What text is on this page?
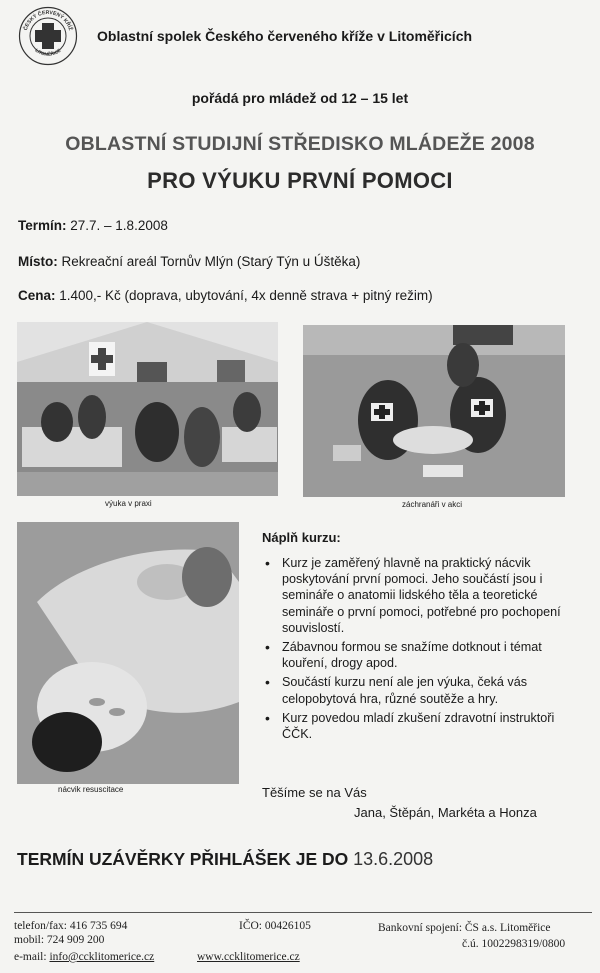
ČESKÝ ČERVENÝ KŘÍŽ
LITOMĚŘICE
Oblastní spolek Českého červeného kříže v Litoměřicích
pořádá pro mládež od 12 – 15 let
OBLASTNÍ STUDIJNÍ STŘEDISKO MLÁDEŽE 2008
PRO VÝUKU PRVNÍ POMOCI
Termín: 27.7. – 1.8.2008
Místo: Rekreační areál Tornův Mlýn (Starý Týn u Úštěka)
Cena: 1.400,- Kč (doprava, ubytování, 4x denně strava + pitný režim)
výuka v praxi	záchranáři v akci
nácvik resuscitace
Náplň kurzu:
• Kurz je zaměřený hlavně na praktický nácvik poskytování první pomoci. Jeho součástí jsou i semináře o anatomii lidského těla a teoretické semináře o první pomoci, potřebné pro pochopení souvislostí.
• Zábavnou formou se snažíme dotknout i témat kouření, drogy apod.
• Součástí kurzu není ale jen výuka, čeká vás celopobytová hra, různé soutěže a hry.
• Kurz povedou mladí zkušení zdravotní instruktoři ČČK.
Těšíme se na Vás
Jana, Štěpán, Markéta a Honza
TERMÍN UZÁVĚRKY PŘIHLÁŠEK JE DO 13.6.2008
telefon/fax: 416 735 694
mobil: 724 909 200
e-mail: info@ccklitomerice.cz
IČO: 00426105
www.ccklitomerice.cz
Bankovní spojení: ČS a.s. Litoměřice
č.ú. 1002298319/0800
